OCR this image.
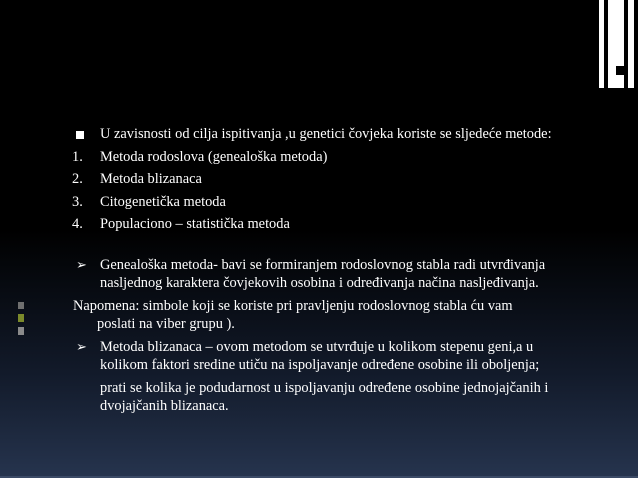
U zavisnosti od cilja ispitivanja ,u genetici čovjeka koriste se sljedeće metode:
1. Metoda rodoslova (genealoška metoda)
2. Metoda blizanaca
3. Citogenetička metoda
4. Populaciono – statistička metoda
➢ Genealoška metoda- bavi se formiranjem rodoslovnog stabla radi utvrđivanja
nasljednog karaktera čovjekovih osobina i određivanja načina nasljeđivanja.
Napomena: simbole koji se koriste pri pravljenju rodoslovnog stabla ću vam
poslati na viber grupu ).
➢ Metoda blizanaca – ovom metodom se utvrđuje u kolikom stepenu geni,a u
kolikom faktori sredine utiču na ispoljavanje određene osobine ili oboljenja;
prati se kolika je podudarnost u ispoljavanju određene osobine jednojajčanih i
dvojajčanih blizanaca.
